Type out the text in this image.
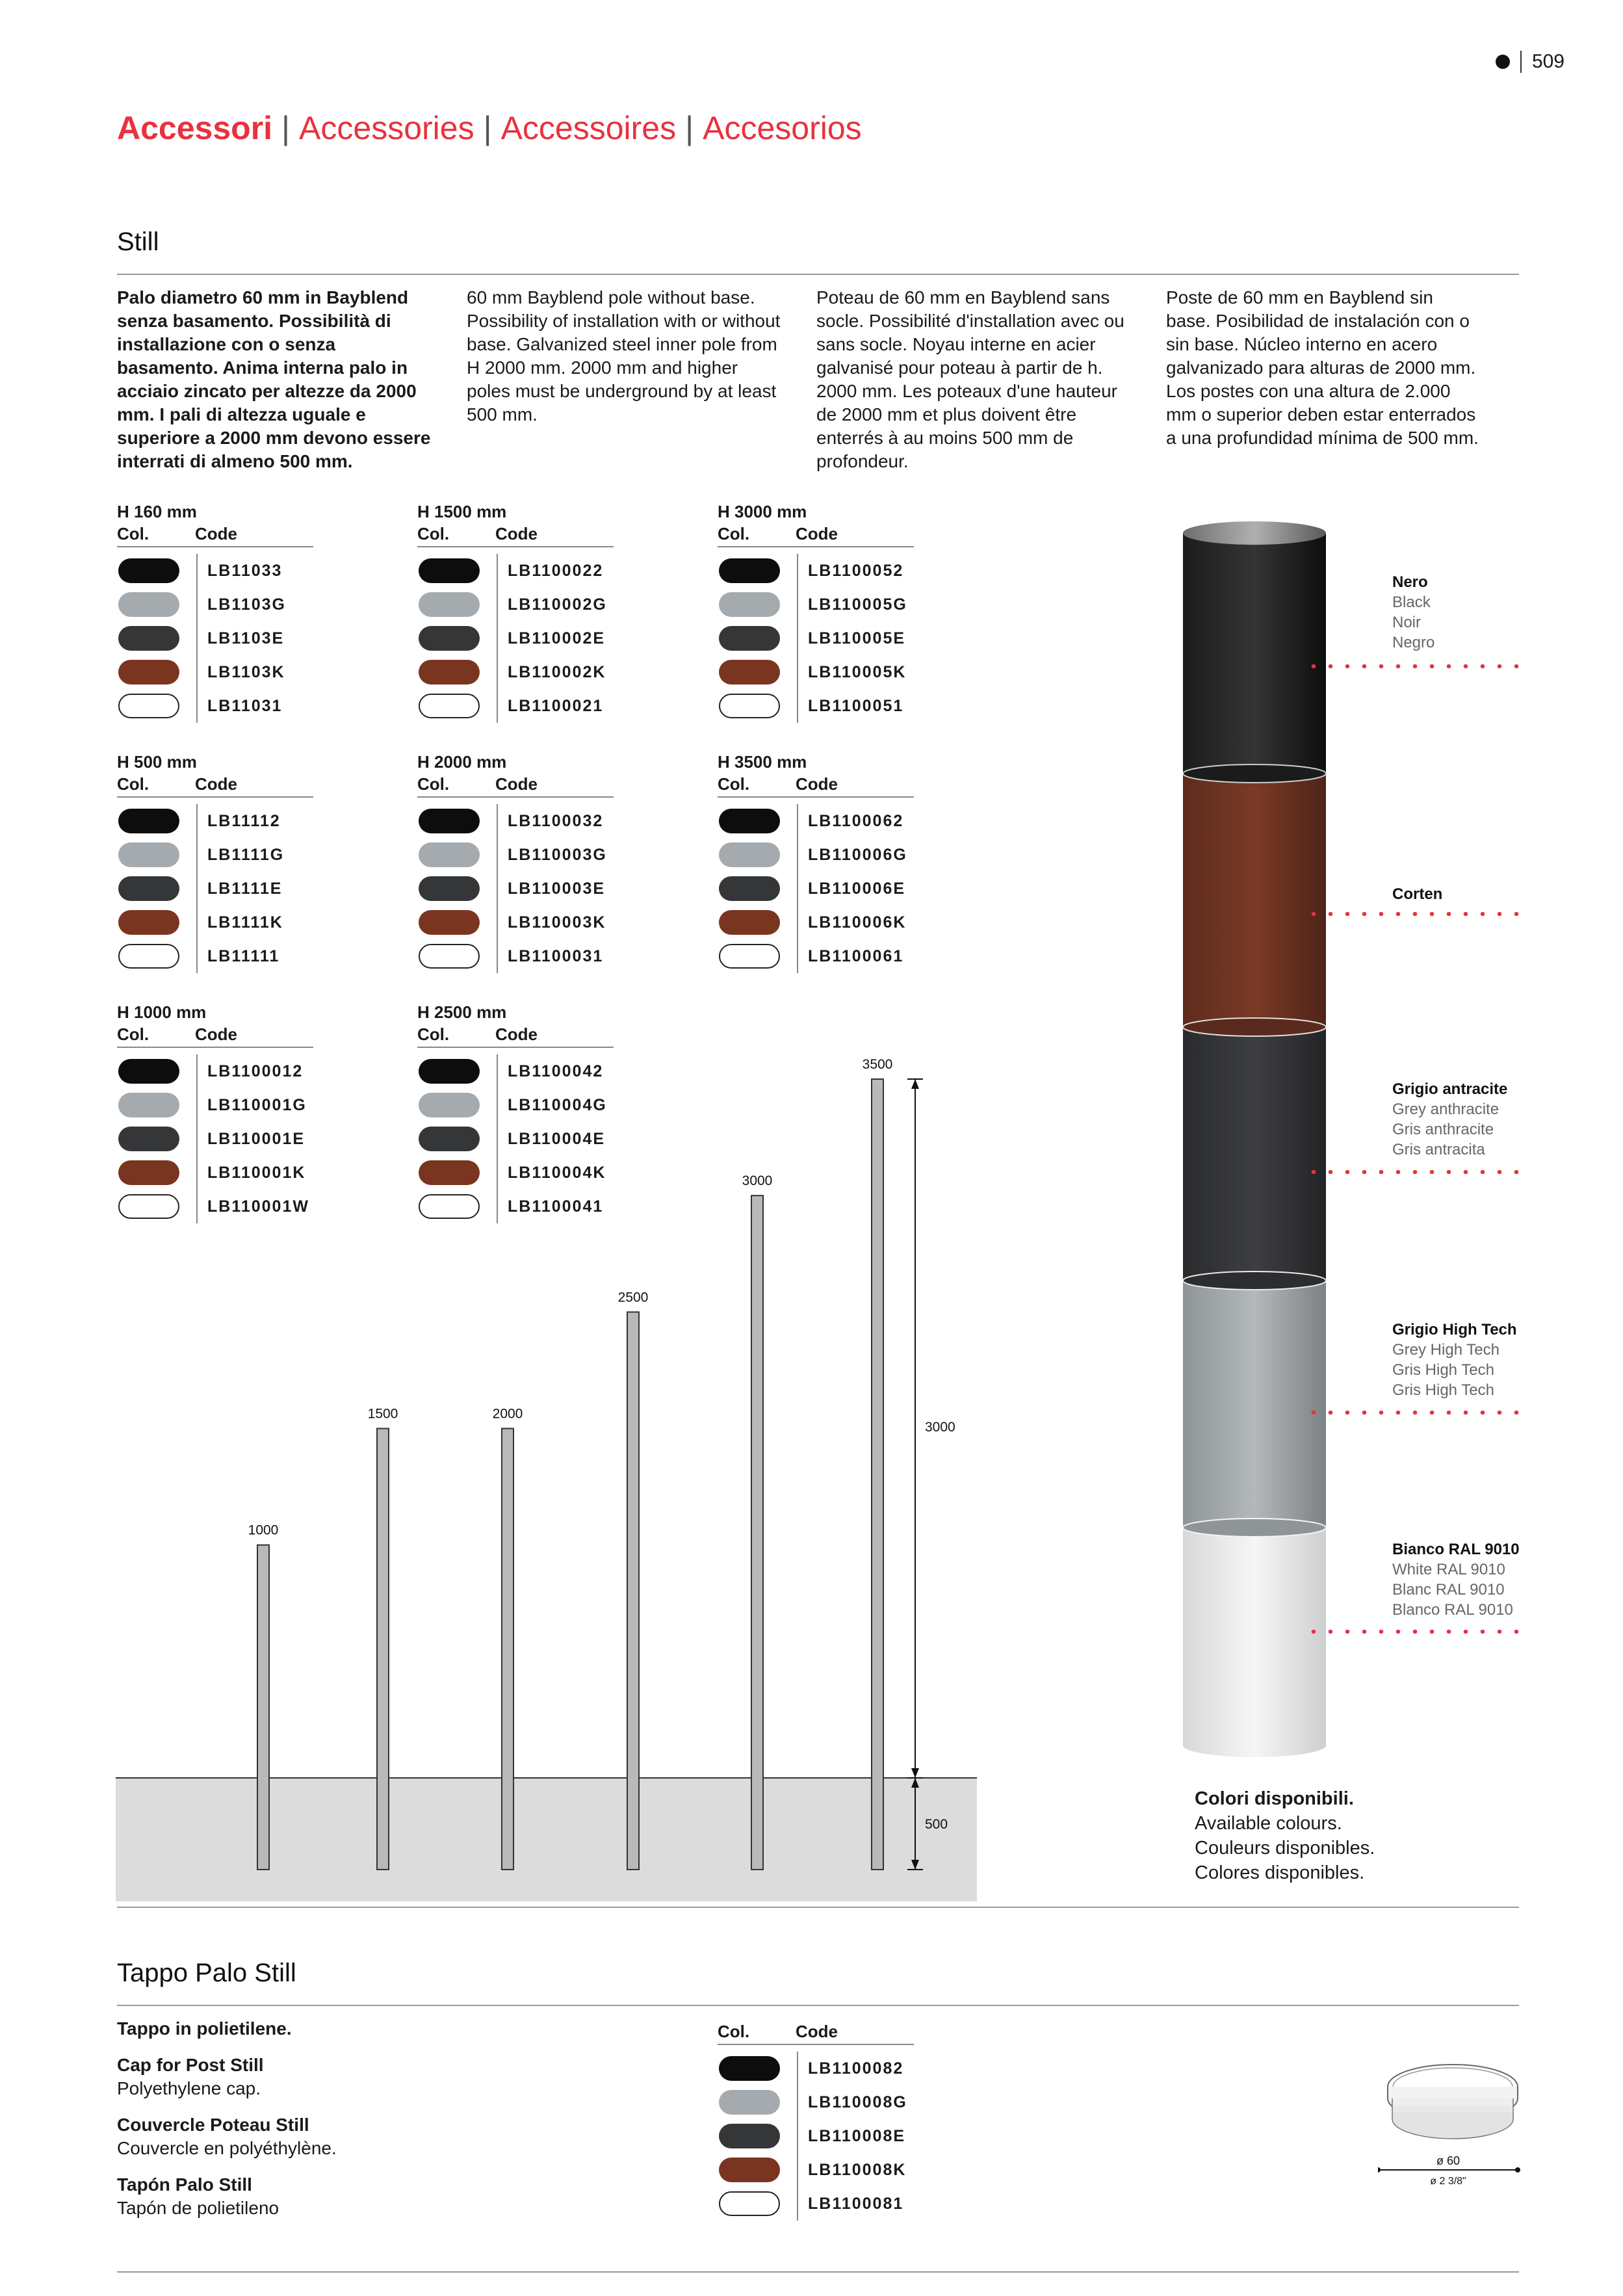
509
Accessori | Accessories | Accessoires | Accesorios
Still
Palo diametro 60 mm in Bayblend senza basamento. Possibilità di installazione con o senza basamento. Anima interna palo in acciaio zincato per altezze da 2000 mm. I pali di altezza uguale e superiore a 2000 mm devono essere interrati di almeno 500 mm.
60 mm Bayblend pole without base. Possibility of installation with or without base. Galvanized steel inner pole from H 2000 mm. 2000 mm and higher poles must be underground by at least 500 mm.
Poteau de 60 mm en Bayblend sans socle. Possibilité d'installation avec ou sans socle. Noyau interne en acier galvanisé pour poteau à partir de h. 2000 mm. Les poteaux d'une hauteur de 2000 mm et plus doivent être enterrés à au moins 500 mm de profondeur.
Poste de 60 mm en Bayblend sin base. Posibilidad de instalación con o sin base. Núcleo interno en acero galvanizado para alturas de 2000 mm. Los postes con una altura de 2.000 mm o superior deben estar enterrados a una profundidad mínima de 500 mm.
H 160 mm
Col.	Code
LB11033
LB1103G
LB1103E
LB1103K
LB11031
H 1500 mm
Col.	Code
LB1100022
LB110002G
LB110002E
LB110002K
LB1100021
H 3000 mm
Col.	Code
LB1100052
LB110005G
LB110005E
LB110005K
LB1100051
H 500 mm
Col.	Code
LB11112
LB1111G
LB1111E
LB1111K
LB11111
H 2000 mm
Col.	Code
LB1100032
LB110003G
LB110003E
LB110003K
LB1100031
H 3500 mm
Col.	Code
LB1100062
LB110006G
LB110006E
LB110006K
LB1100061
H 1000 mm
Col.	Code
LB1100012
LB110001G
LB110001E
LB110001K
LB110001W
H 2500 mm
Col.	Code
LB1100042
LB110004G
LB110004E
LB110004K
LB1100041
1000
1500	2000
2500
3000
3500
3000
500
Nero
Black
Noir
Negro
Corten
Grigio antracite
Grey anthracite
Gris anthracite
Gris antracita
Grigio High Tech
Grey High Tech
Gris High Tech
Gris High Tech
Bianco RAL 9010
White RAL 9010
Blanc RAL 9010
Blanco RAL 9010
Colori disponibili.
Available colours.
Couleurs disponibles.
Colores disponibles.
Tappo Palo Still

Tappo in polietilene.

Cap for Post Still

Polyethylene cap.

Couvercle Poteau Still

Couvercle en polyéthylène.

Tapón Palo Still

Tapón de polietileno

Col.	Code
LB1100082
LB110008G
LB110008E
LB110008K
LB1100081
ø 60
ø 2 3/8"
